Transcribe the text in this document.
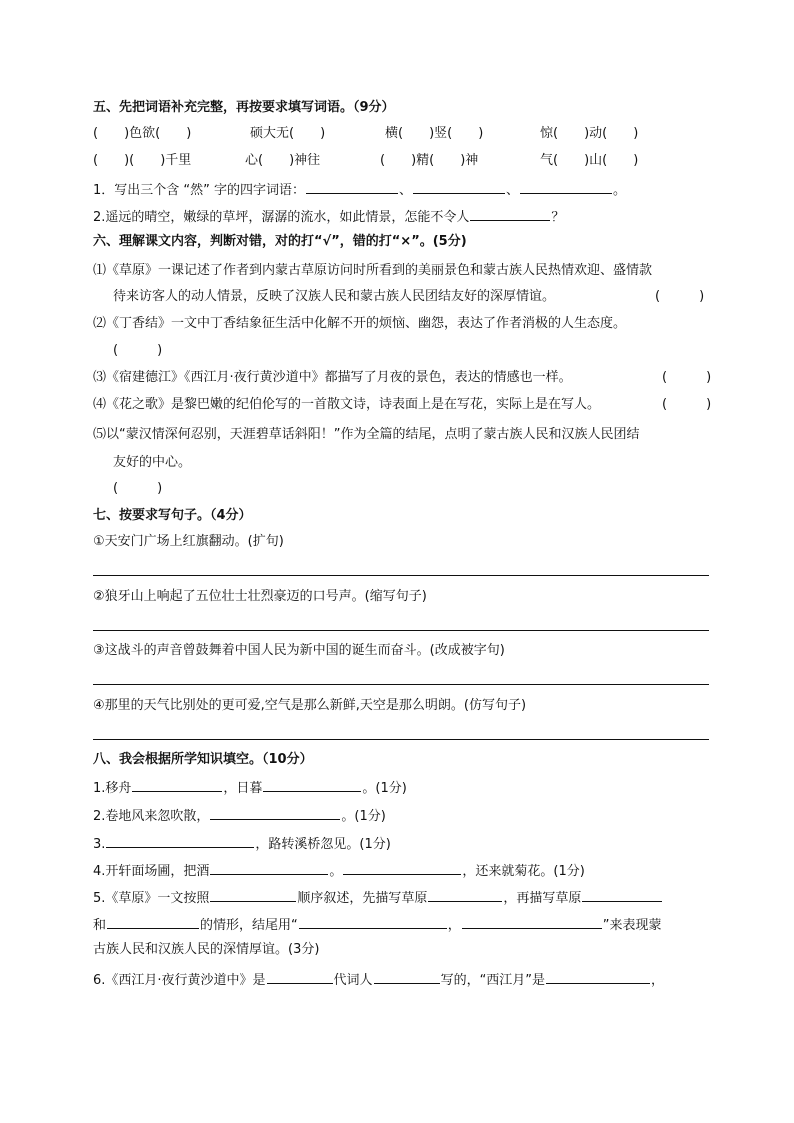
五、先把词语补充完整，再按要求填写词语。（9分）
(　　)色欲(　　)	硕大无(　　)	横(　　)竖(　　)	惊(　　)动(　　)
(　　)(　　)千里	心(　　)神往	(　　)精(　　)神	气(　　)山(　　)
1．写出三个含 “然” 字的四字词语：	、	、	。
2.遥远的晴空，嫩绿的草坪，潺潺的流水，如此情景，怎能不令人	？
六、理解课文内容，判断对错，对的打“√”，错的打“×”。(5分)
⑴《草原》一课记述了作者到内蒙古草原访问时所看到的美丽景色和蒙古族人民热情欢迎、盛情款
待来访客人的动人情景，反映了汉族人民和蒙古族人民团结友好的深厚情谊。	(　　　)
⑵《丁香结》一文中丁香结象征生活中化解不开的烦恼、幽怨，表达了作者消极的人生态度。
(　　　)
⑶《宿建德江》《西江月·夜行黄沙道中》都描写了月夜的景色，表达的情感也一样。	(　　　)
⑷《花之歌》是黎巴嫩的纪伯伦写的一首散文诗，诗表面上是在写花，实际上是在写人。	(　　　)
⑸以“蒙汉情深何忍别，天涯碧草话斜阳！”作为全篇的结尾，点明了蒙古族人民和汉族人民团结
友好的中心。
(　　　)
七、按要求写句子。（4分）
①天安门广场上红旗翻动。(扩句)
②狼牙山上响起了五位壮士壮烈豪迈的口号声。(缩写句子)
③这战斗的声音曾鼓舞着中国人民为新中国的诞生而奋斗。(改成被字句)
④那里的天气比别处的更可爱,空气是那么新鲜,天空是那么明朗。(仿写句子)
八、我会根据所学知识填空。（10分）
1.移舟	，日暮	。(1分)
2.卷地风来忽吹散，	。(1分)
3.	，路转溪桥忽见。(1分)
4.开轩面场圃，把酒	。	，还来就菊花。(1分)
5.《草原》一文按照	顺序叙述，先描写草原	，再描写草原
和	的情形，结尾用“	，	”来表现蒙
古族人民和汉族人民的深情厚谊。(3分)
6.《西江月·夜行黄沙道中》是	代词人	写的，“西江月”是	，
